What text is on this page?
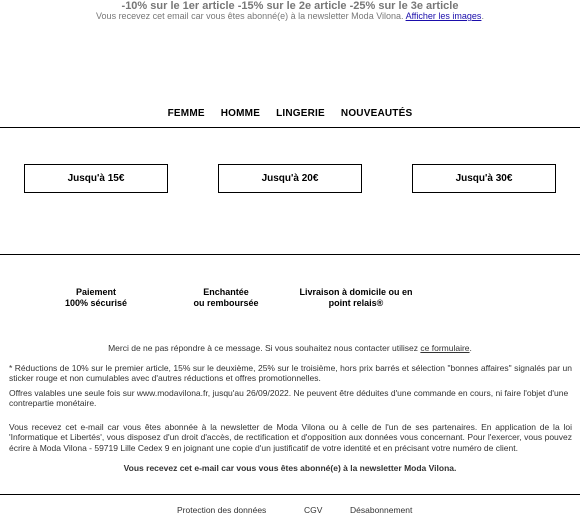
-10% sur le 1er article -15% sur le 2e article -25% sur le 3e article
Vous recevez cet email car vous êtes abonné(e) à la newsletter Moda Vilona. Afficher les images.
FEMME HOMME LINGERIE NOUVEAUTÉS
Jusqu'à 15€	Jusqu'à 20€	Jusqu'à 30€
Paiement
100% sécurisé
Enchantée
ou remboursée
Livraison à domicile ou en
point relais®
Merci de ne pas répondre à ce message. Si vous souhaitez nous contacter utilisez ce formulaire.
* Réductions de 10% sur le premier article, 15% sur le deuxième, 25% sur le troisième, hors prix barrés et sélection "bonnes affaires" signalés par un sticker rouge et non cumulables avec d'autres réductions et offres promotionnelles.
Offres valables une seule fois sur www.modavilona.fr, jusqu'au 26/09/2022. Ne peuvent être déduites d'une commande en cours, ni faire l'objet d'une contrepartie monétaire.
Vous recevez cet e-mail car vous êtes abonnée à la newsletter de Moda Vilona ou à celle de l'un de ses partenaires. En application de la loi 'Informatique et Libertés', vous disposez d'un droit d'accès, de rectification et d'opposition aux données vous concernant. Pour l'exercer, vous pouvez écrire à Moda Vilona - 59719 Lille Cedex 9 en joignant une copie d'un justificatif de votre identité et en précisant votre numéro de client.
Vous recevez cet e-mail car vous vous êtes abonné(e) à la newsletter Moda Vilona.
Protection des données	CGV	Désabonnement
